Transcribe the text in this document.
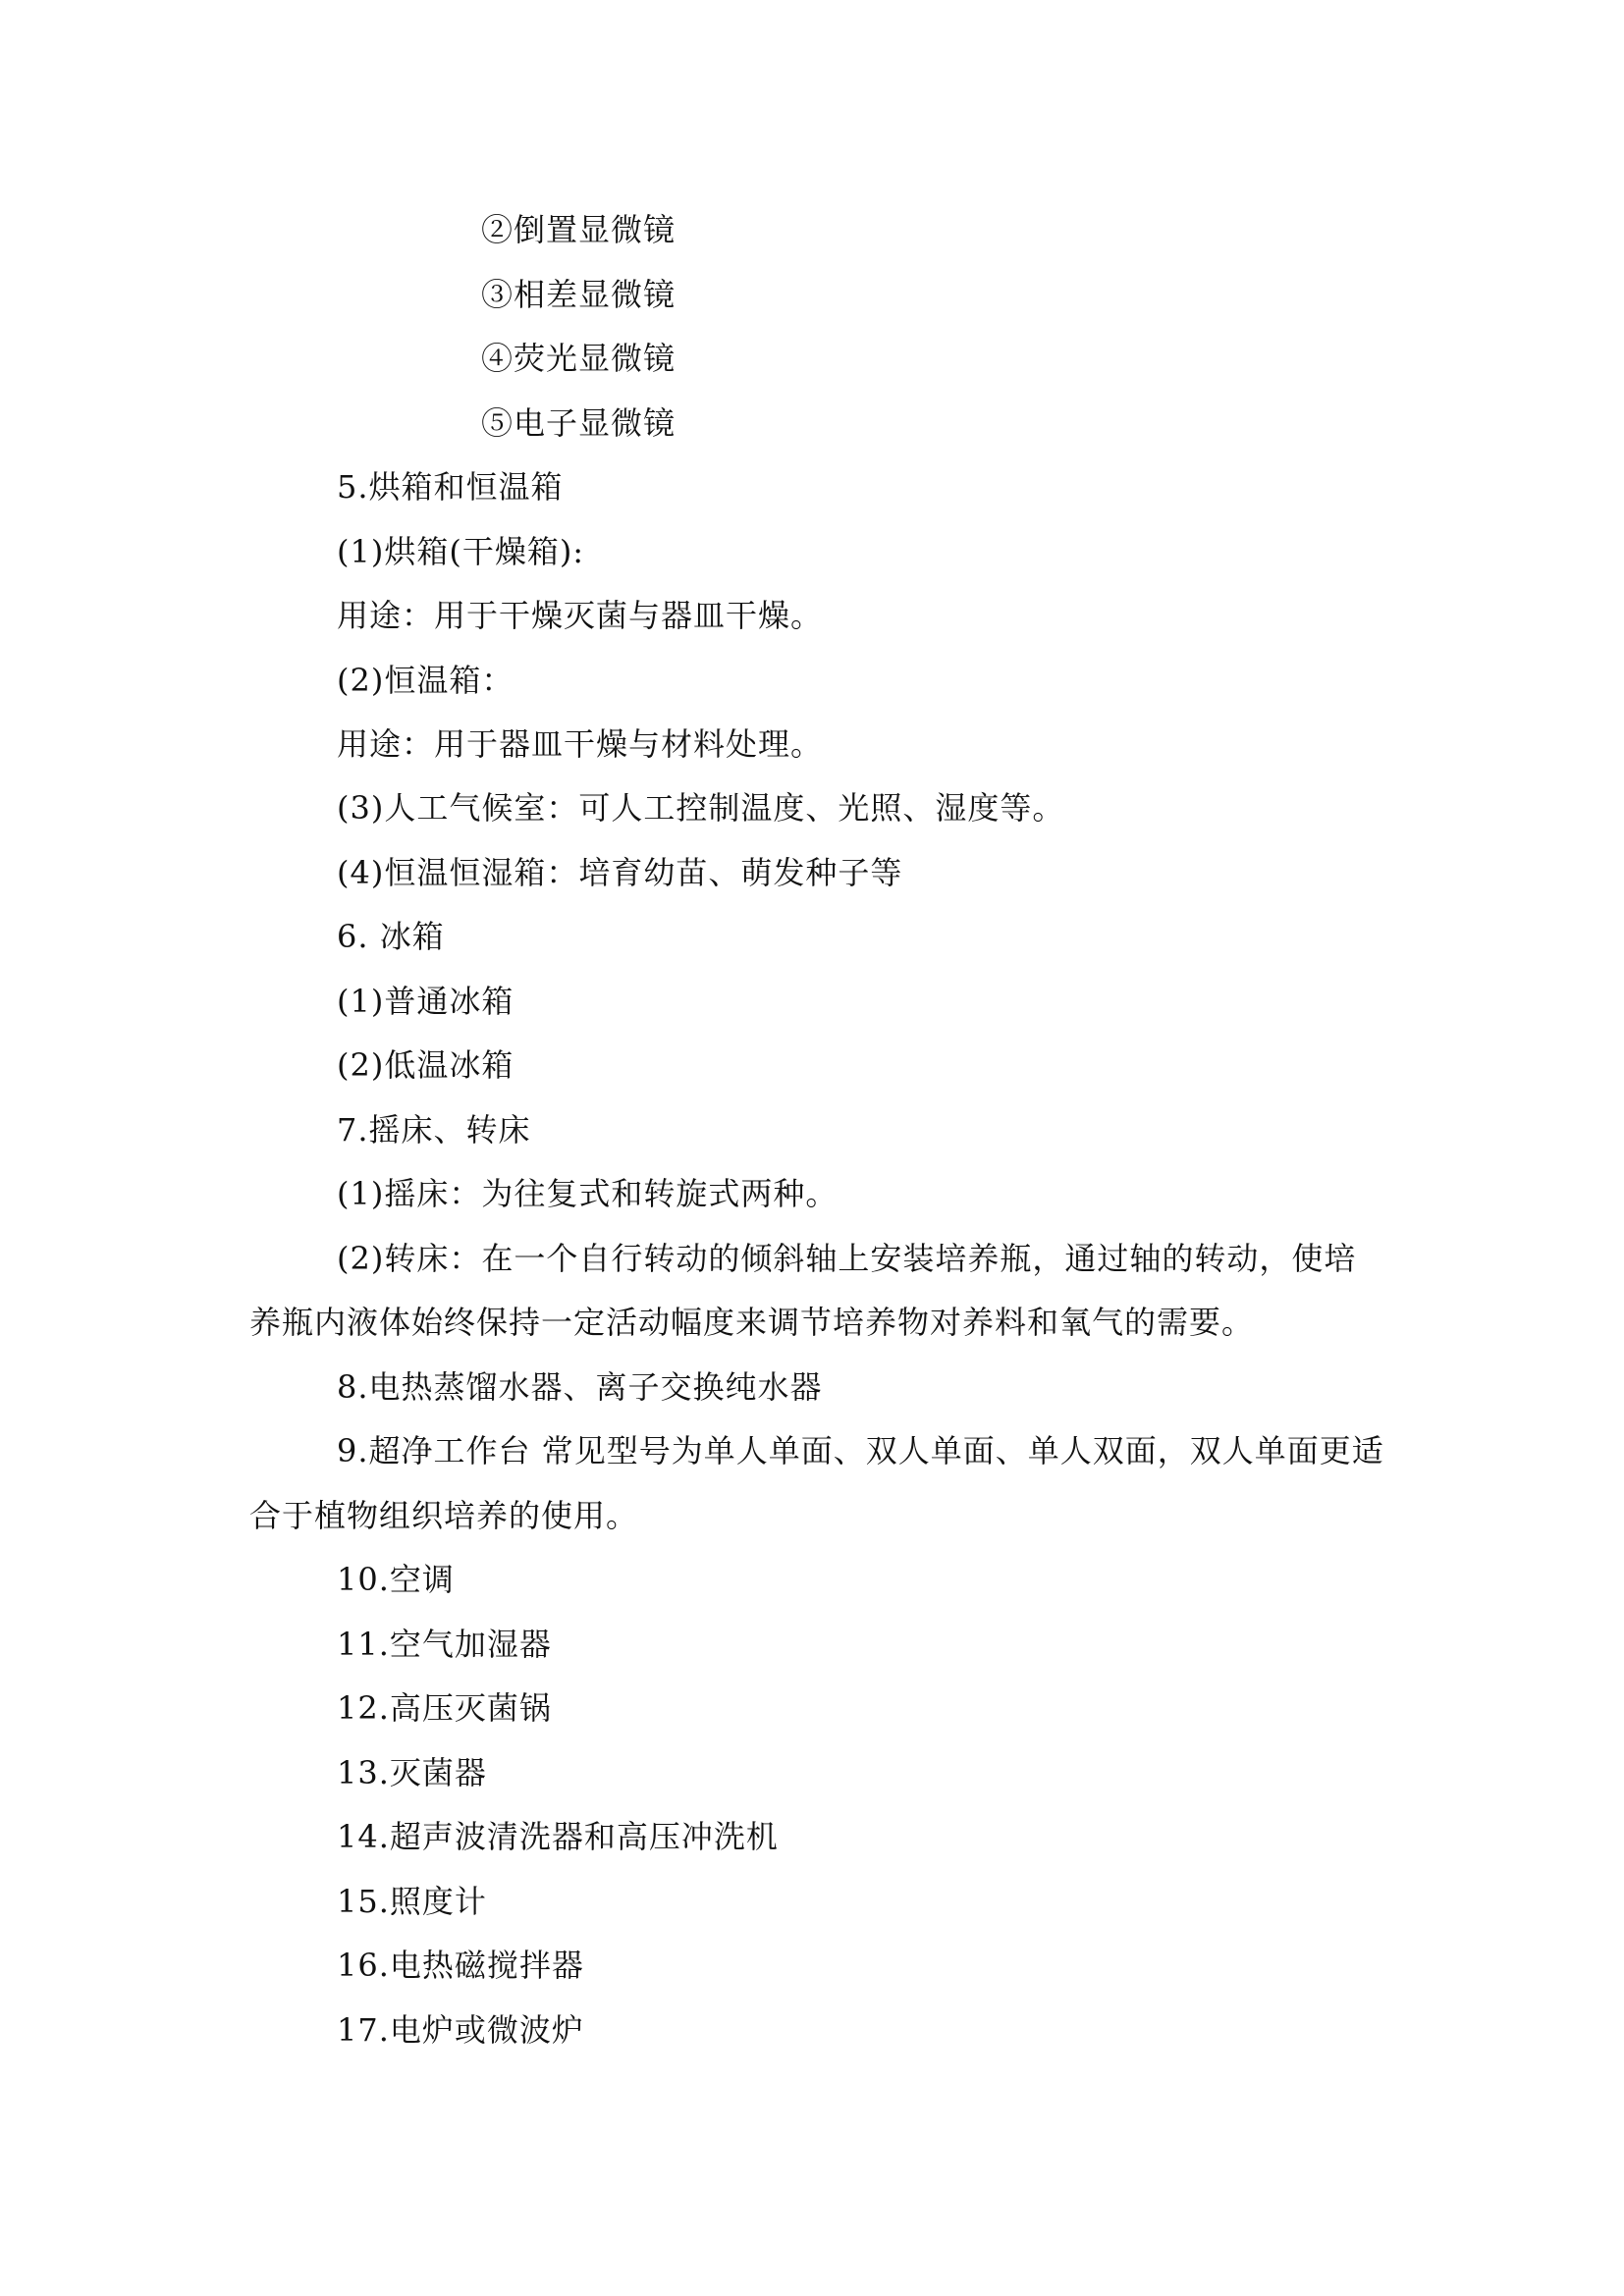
②倒置显微镜
③相差显微镜
④荧光显微镜
⑤电子显微镜
5.烘箱和恒温箱
(1)烘箱(干燥箱):
用途：用于干燥灭菌与器皿干燥。
(2)恒温箱：
用途：用于器皿干燥与材料处理。
(3)人工气候室：可人工控制温度、光照、湿度等。
(4)恒温恒湿箱：培育幼苗、萌发种子等
6. 冰箱
(1)普通冰箱
(2)低温冰箱
7.摇床、转床
(1)摇床：为往复式和转旋式两种。
(2)转床：在一个自行转动的倾斜轴上安装培养瓶，通过轴的转动，使培
养瓶内液体始终保持一定活动幅度来调节培养物对养料和氧气的需要。
8.电热蒸馏水器、离子交换纯水器
9.超净工作台 常见型号为单人单面、双人单面、单人双面，双人单面更适
合于植物组织培养的使用。
10.空调
11.空气加湿器
12.高压灭菌锅
13.灭菌器
14.超声波清洗器和高压冲洗机
15.照度计
16.电热磁搅拌器
17.电炉或微波炉
